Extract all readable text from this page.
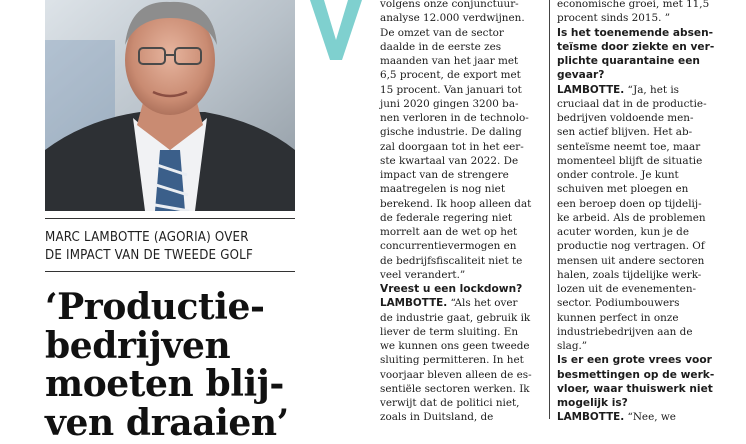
MARC LAMBOTTE (AGORIA) OVER
DE IMPACT VAN DE TWEEDE GOLF
‘Productie-
bedrijven
moeten blij-
ven draaien’
volgens onze conjunctuur-
analyse 12.000 verdwijnen.
De omzet van de sector
daalde in de eerste zes
maanden van het jaar met
6,5 procent, de export met
15 procent. Van januari tot
juni 2020 gingen 3200 ba-
nen verloren in de technolo-
gische industrie. De daling
zal doorgaan tot in het eer-
ste kwartaal van 2022. De
impact van de strengere
maatregelen is nog niet
berekend. Ik hoop alleen dat
de federale regering niet
morrelt aan de wet op het
concurrentievermogen en
de bedrijfsfiscaliteit niet te
veel verandert.”
Vreest u een lockdown?
LAMBOTTE. “Als het over
de industrie gaat, gebruik ik
liever de term sluiting. En
we kunnen ons geen tweede
sluiting permitteren. In het
voorjaar bleven alleen de es-
sentiële sectoren werken. Ik
verwijt dat de politici niet,
zoals in Duitsland, de
economische groei, met 11,5
procent sinds 2015. ”
Is het toenemende absen-
teïsme door ziekte en ver-
plichte quarantaine een
gevaar?
LAMBOTTE. “Ja, het is
cruciaal dat in de productie-
bedrijven voldoende men-
sen actief blijven. Het ab-
senteïsme neemt toe, maar
momenteel blijft de situatie
onder controle. Je kunt
schuiven met ploegen en
een beroep doen op tijdelij-
ke arbeid. Als de problemen
acuter worden, kun je de
productie nog vertragen. Of
mensen uit andere sectoren
halen, zoals tijdelijke werk-
lozen uit de evenementen-
sector. Podiumbouwers
kunnen perfect in onze
industriebedrijven aan de
slag.”
Is er een grote vrees voor
besmettingen op de werk-
vloer, waar thuiswerk niet
mogelijk is?
LAMBOTTE. “Nee, we
